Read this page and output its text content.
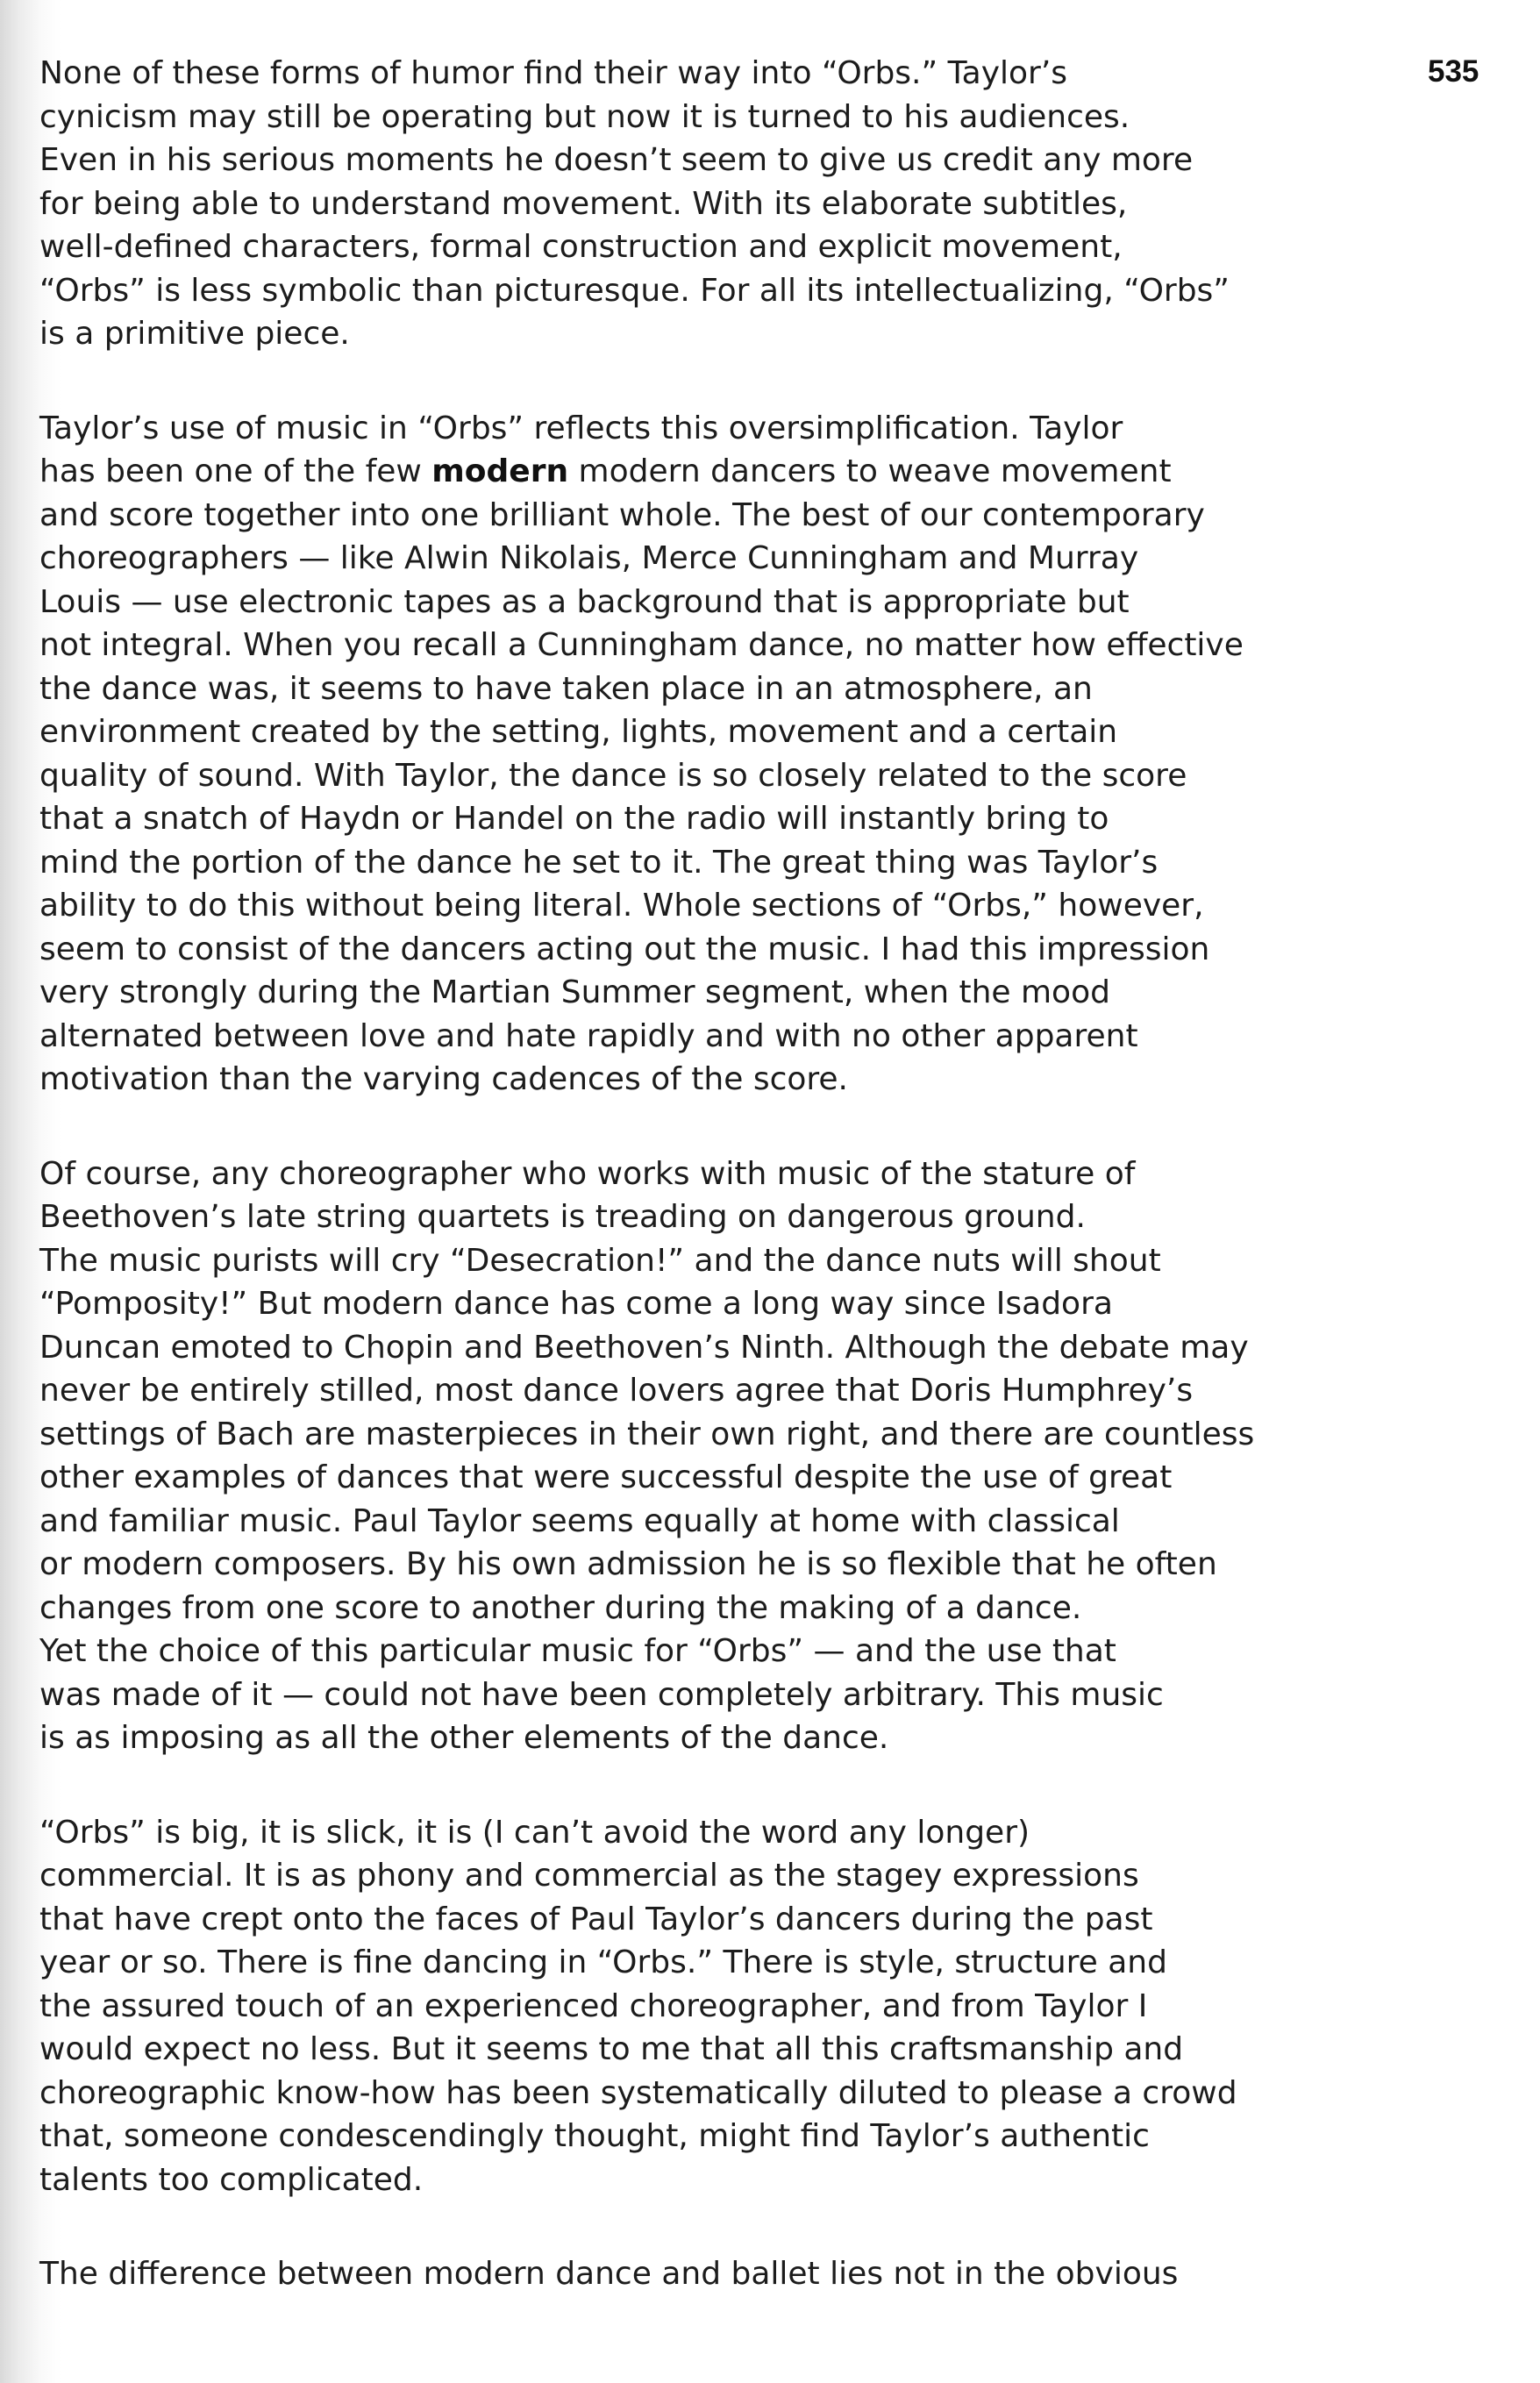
535

None of these forms of humor find their way into “Orbs.” Taylor’s
cynicism may still be operating but now it is turned to his audiences.
Even in his serious moments he doesn’t seem to give us credit any more
for being able to understand movement. With its elaborate subtitles,
well-defined characters, formal construction and explicit movement,
“Orbs” is less symbolic than picturesque. For all its intellectualizing, “Orbs”
is a primitive piece.

Taylor’s use of music in “Orbs” reflects this oversimplification. Taylor
has been one of the few modern modern dancers to weave movement
and score together into one brilliant whole. The best of our contemporary
choreographers — like Alwin Nikolais, Merce Cunningham and Murray
Louis — use electronic tapes as a background that is appropriate but
not integral. When you recall a Cunningham dance, no matter how effective
the dance was, it seems to have taken place in an atmosphere, an
environment created by the setting, lights, movement and a certain
quality of sound. With Taylor, the dance is so closely related to the score
that a snatch of Haydn or Handel on the radio will instantly bring to
mind the portion of the dance he set to it. The great thing was Taylor’s
ability to do this without being literal. Whole sections of “Orbs,” however,
seem to consist of the dancers acting out the music. I had this impression
very strongly during the Martian Summer segment, when the mood
alternated between love and hate rapidly and with no other apparent
motivation than the varying cadences of the score.

Of course, any choreographer who works with music of the stature of
Beethoven’s late string quartets is treading on dangerous ground.
The music purists will cry “Desecration!” and the dance nuts will shout
“Pomposity!” But modern dance has come a long way since Isadora
Duncan emoted to Chopin and Beethoven’s Ninth. Although the debate may
never be entirely stilled, most dance lovers agree that Doris Humphrey’s
settings of Bach are masterpieces in their own right, and there are countless
other examples of dances that were successful despite the use of great
and familiar music. Paul Taylor seems equally at home with classical
or modern composers. By his own admission he is so flexible that he often
changes from one score to another during the making of a dance.
Yet the choice of this particular music for “Orbs” — and the use that
was made of it — could not have been completely arbitrary. This music
is as imposing as all the other elements of the dance.

“Orbs” is big, it is slick, it is (I can’t avoid the word any longer)
commercial. It is as phony and commercial as the stagey expressions
that have crept onto the faces of Paul Taylor’s dancers during the past
year or so. There is fine dancing in “Orbs.” There is style, structure and
the assured touch of an experienced choreographer, and from Taylor I
would expect no less. But it seems to me that all this craftsmanship and
choreographic know-how has been systematically diluted to please a crowd
that, someone condescendingly thought, might find Taylor’s authentic
talents too complicated.

The difference between modern dance and ballet lies not in the obvious
